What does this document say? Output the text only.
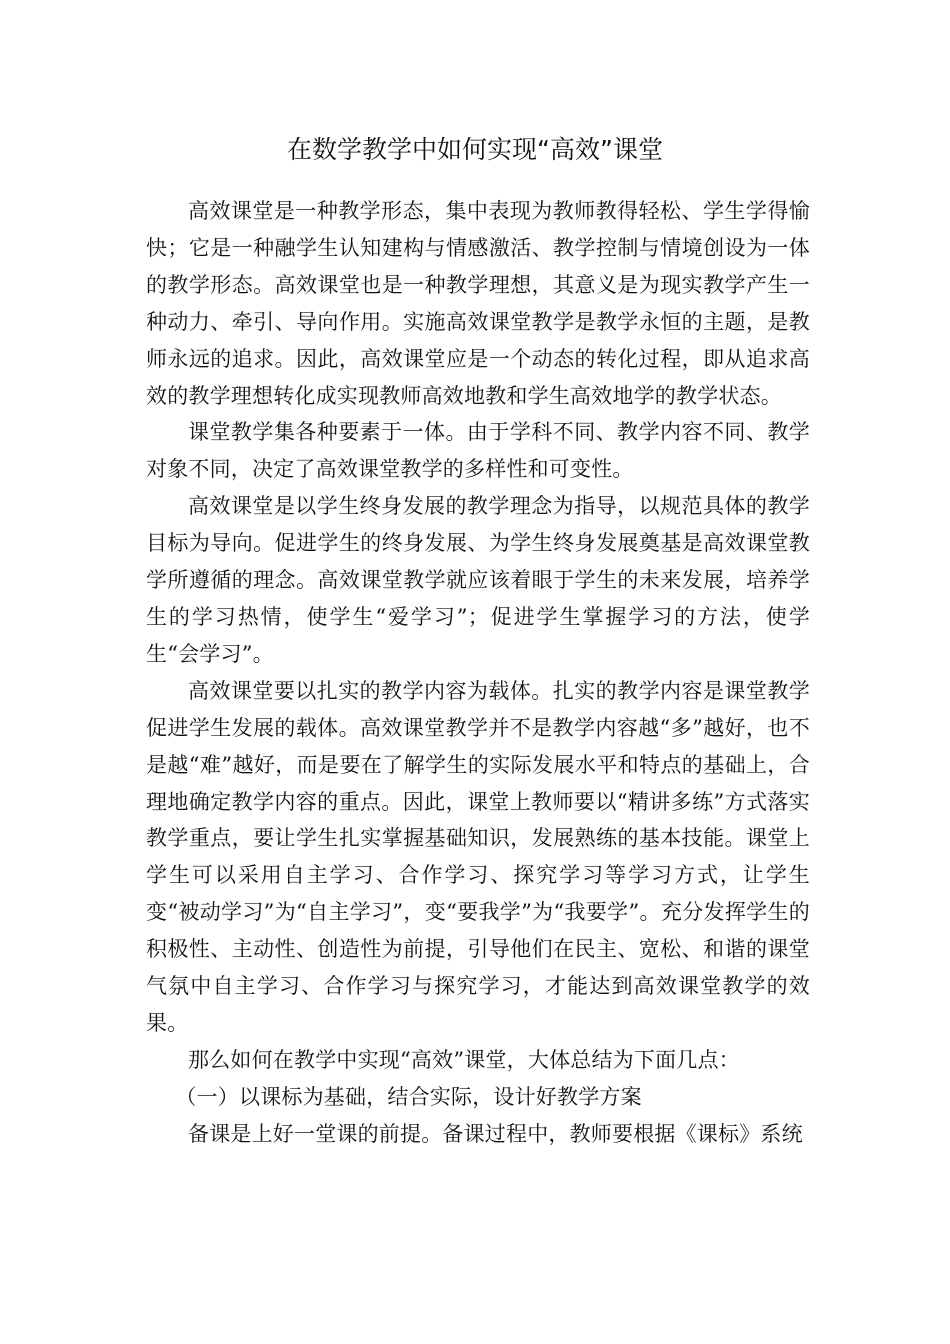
在数学教学中如何实现“高效”课堂

高效课堂是一种教学形态，集中表现为教师教得轻松、学生学得愉快；它是一种融学生认知建构与情感激活、教学控制与情境创设为一体的教学形态。高效课堂也是一种教学理想，其意义是为现实教学产生一种动力、牵引、导向作用。实施高效课堂教学是教学永恒的主题，是教师永远的追求。因此，高效课堂应是一个动态的转化过程，即从追求高效的教学理想转化成实现教师高效地教和学生高效地学的教学状态。

课堂教学集各种要素于一体。由于学科不同、教学内容不同、教学对象不同，决定了高效课堂教学的多样性和可变性。

高效课堂是以学生终身发展的教学理念为指导，以规范具体的教学目标为导向。促进学生的终身发展、为学生终身发展奠基是高效课堂教学所遵循的理念。高效课堂教学就应该着眼于学生的未来发展，培养学生的学习热情，使学生“爱学习”；促进学生掌握学习的方法，使学生“会学习”。

高效课堂要以扎实的教学内容为载体。扎实的教学内容是课堂教学促进学生发展的载体。高效课堂教学并不是教学内容越“多”越好，也不是越“难”越好，而是要在了解学生的实际发展水平和特点的基础上，合理地确定教学内容的重点。因此，课堂上教师要以“精讲多练”方式落实教学重点，要让学生扎实掌握基础知识，发展熟练的基本技能。课堂上学生可以采用自主学习、合作学习、探究学习等学习方式，让学生变“被动学习”为“自主学习”，变“要我学”为“我要学”。充分发挥学生的积极性、主动性、创造性为前提，引导他们在民主、宽松、和谐的课堂气氛中自主学习、合作学习与探究学习，才能达到高效课堂教学的效果。

那么如何在教学中实现“高效”课堂，大体总结为下面几点：

（一）以课标为基础，结合实际，设计好教学方案

备课是上好一堂课的前提。备课过程中，教师要根据《课标》系统
